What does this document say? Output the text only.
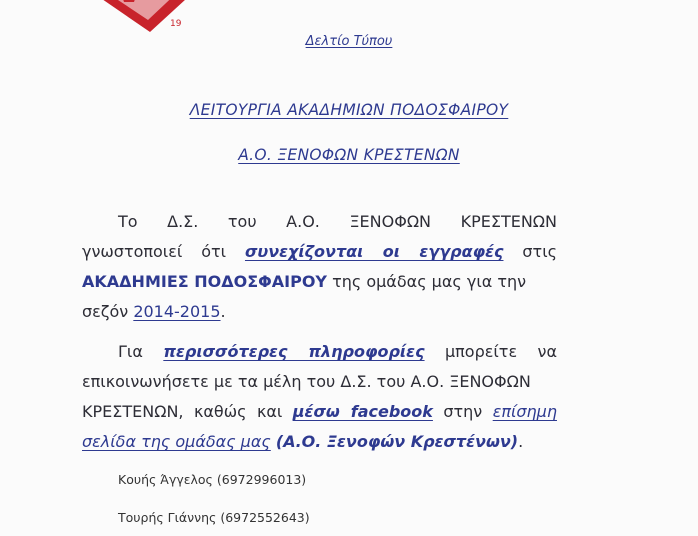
19
Δελτίο Τύπου
ΛΕΙΤΟΥΡΓΙΑ ΑΚΑΔΗΜΙΩΝ ΠΟΔΟΣΦΑΙΡΟΥ
Α.Ο. ΞΕΝΟΦΩΝ ΚΡΕΣΤΕΝΩΝ
Το Δ.Σ. του Α.Ο. ΞΕΝΟΦΩΝ ΚΡΕΣΤΕΝΩΝ
γνωστοποιεί ότι συνεχίζονται οι εγγραφές στις
ΑΚΑΔΗΜΙΕΣ ΠΟΔΟΣΦΑΙΡΟΥ της ομάδας μας για την
σεζόν 2014-2015.
Για περισσότερες πληροφορίες μπορείτε να
επικοινωνήσετε με τα μέλη του Δ.Σ. του Α.Ο. ΞΕΝΟΦΩΝ
ΚΡΕΣΤΕΝΩΝ, καθώς και μέσω facebook στην επίσημη
σελίδα της ομάδας μας (Α.Ο. Ξενοφών Κρεστένων).
Κουής Άγγελος (6972996013)
Τουρής Γιάννης (6972552643)
